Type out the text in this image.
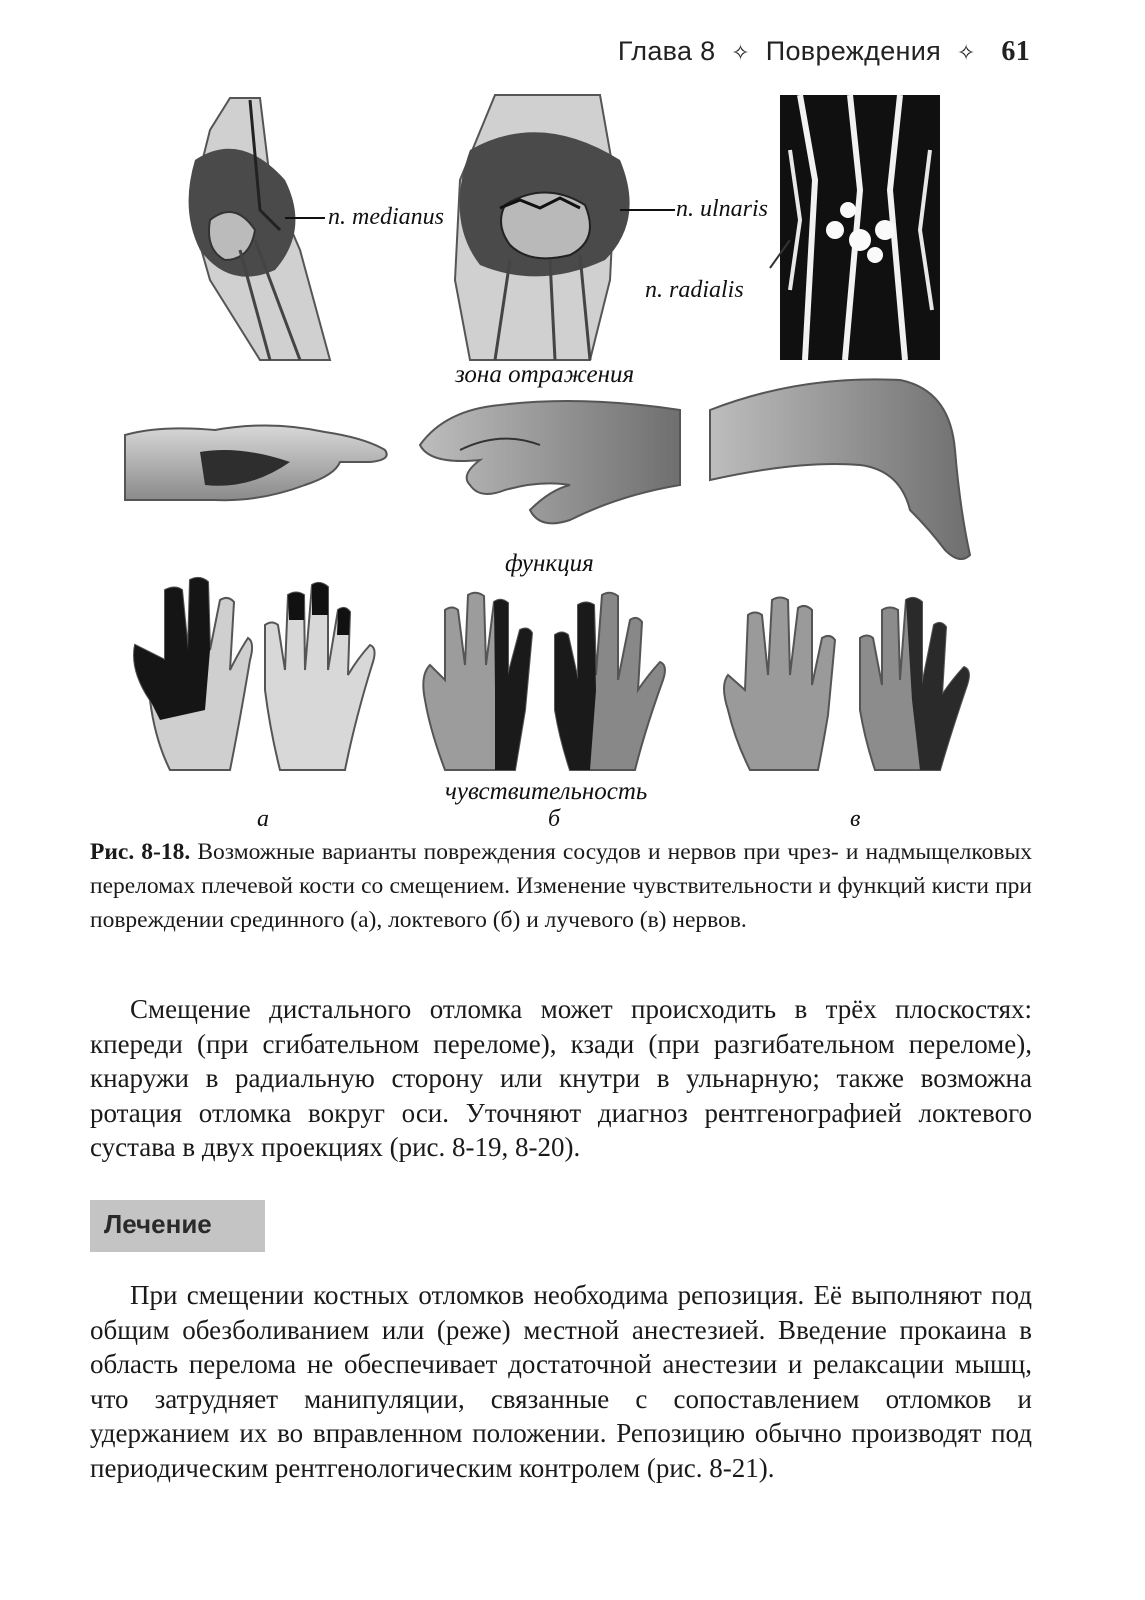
Глава 8 ✧ Повреждения ✧ 61
n. medianus	n. ulnaris
n. radialis
зона отражения
функция
чувствительность
а	б	в
Рис. 8-18. Возможные варианты повреждения сосудов и нервов при чрез- и надмыщелковых переломах плечевой кости со смещением. Изменение чувствительности и функций кисти при повреждении срединного (а), локтевого (б) и лучевого (в) нервов.

Смещение дистального отломка может происходить в трёх плоскостях: кпереди (при сгибательном переломе), кзади (при разгибательном переломе), кнаружи в радиальную сторону или кнутри в ульнарную; также возможна ротация отломка вокруг оси. Уточняют диагноз рентгенографией локтевого сустава в двух проекциях (рис. 8-19, 8-20).

Лечение

При смещении костных отломков необходима репозиция. Её выполняют под общим обезболиванием или (реже) местной анестезией. Введение прокаина в область перелома не обеспечивает достаточной анестезии и релаксации мышц, что затрудняет манипуляции, связанные с сопоставлением отломков и удержанием их во вправленном положении. Репозицию обычно производят под периодическим рентгенологическим контролем (рис. 8-21).
